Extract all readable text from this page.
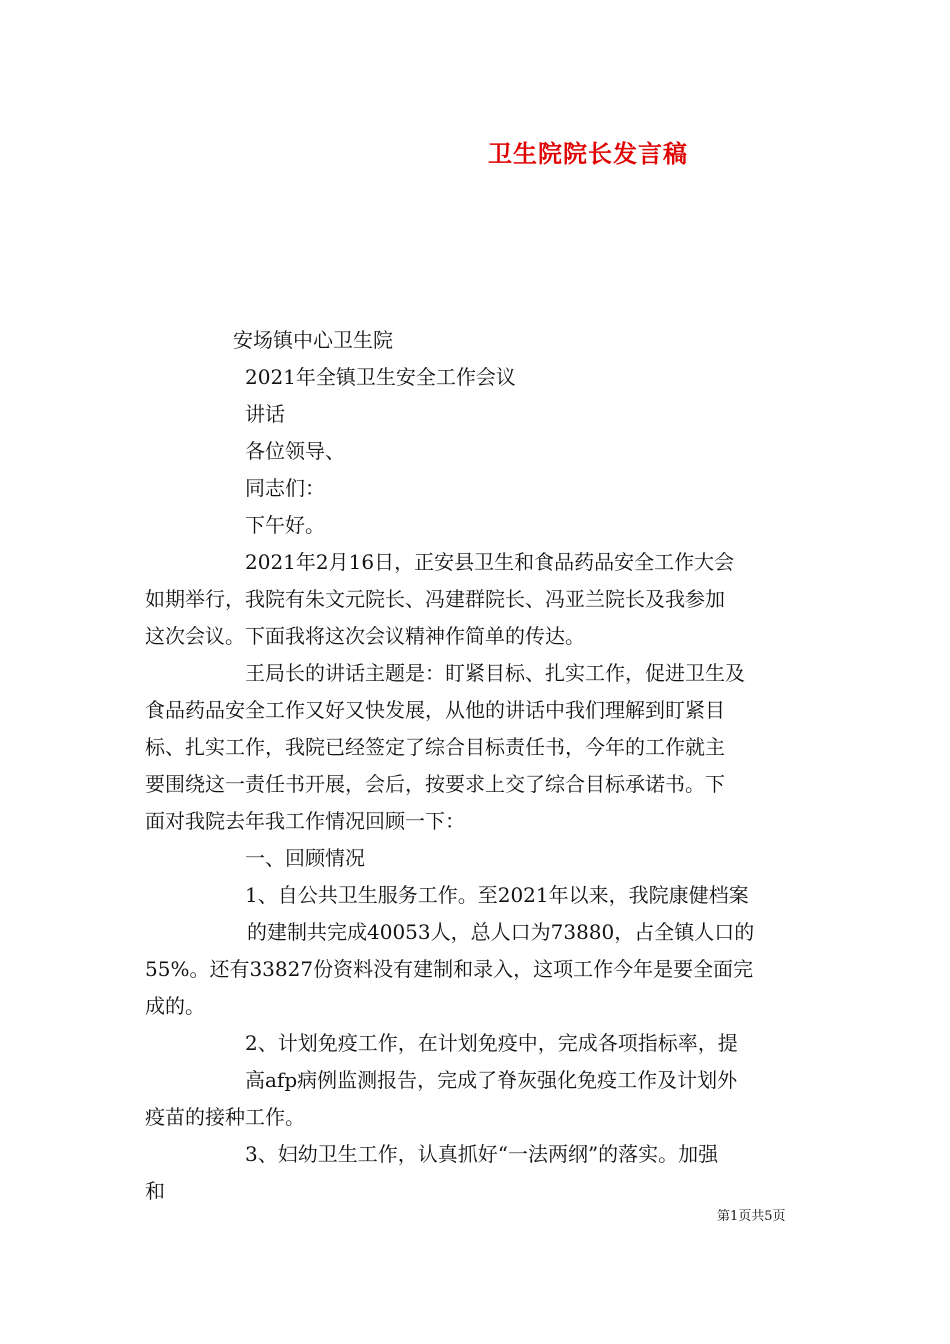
卫生院院长发言稿
安场镇中心卫生院
2021年全镇卫生安全工作会议
讲话
各位领导、
同志们：
下午好。
2021年2月16日，正安县卫生和食品药品安全工作大会
如期举行，我院有朱文元院长、冯建群院长、冯亚兰院长及我参加
这次会议。下面我将这次会议精神作简单的传达。
王局长的讲话主题是：盯紧目标、扎实工作，促进卫生及
食品药品安全工作又好又快发展，从他的讲话中我们理解到盯紧目
标、扎实工作，我院已经签定了综合目标责任书，今年的工作就主
要围绕这一责任书开展，会后，按要求上交了综合目标承诺书。下
面对我院去年我工作情况回顾一下：
一、回顾情况
1、自公共卫生服务工作。至2021年以来，我院康健档案
的建制共完成40053人，总人口为73880，占全镇人口的
55%。还有33827份资料没有建制和录入，这项工作今年是要全面完
成的。
2、计划免疫工作，在计划免疫中，完成各项指标率，提
高afp病例监测报告，完成了脊灰强化免疫工作及计划外
疫苗的接种工作。
3、妇幼卫生工作，认真抓好“一法两纲”的落实。加强
和
第1页共5页
